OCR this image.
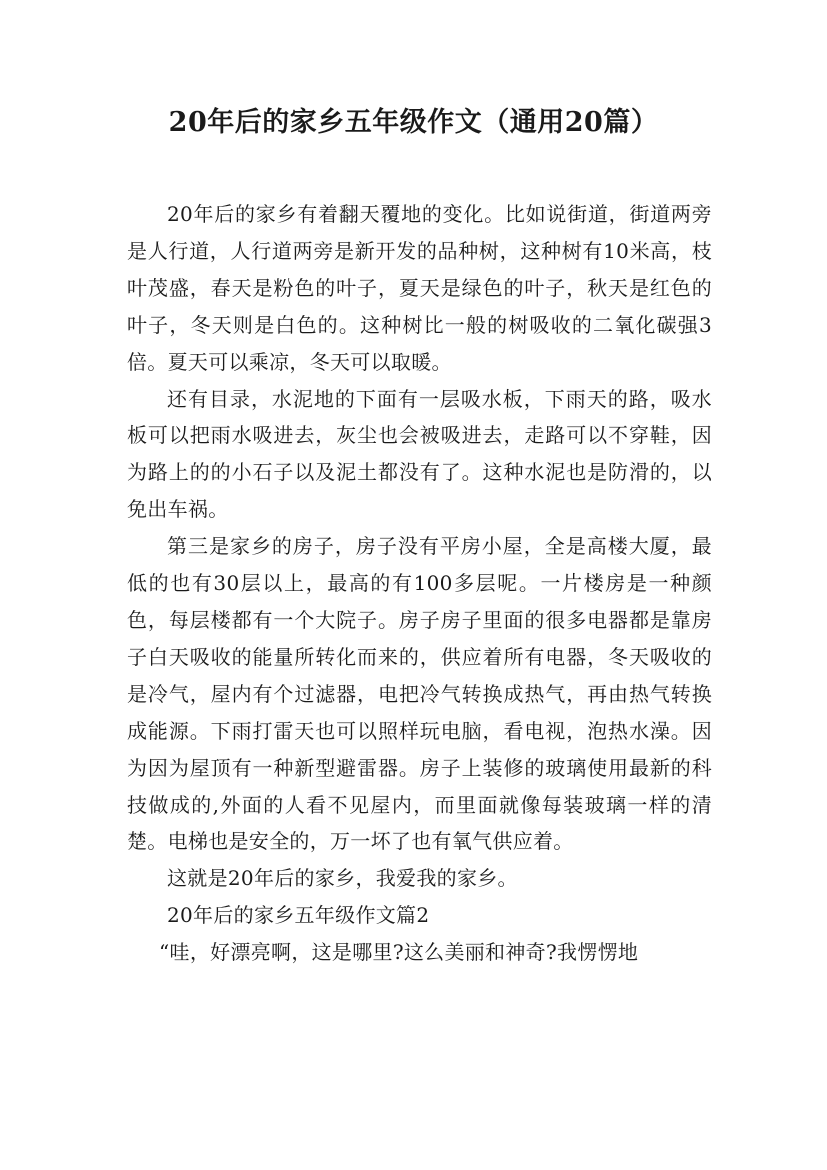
20年后的家乡五年级作文（通用20篇）

20年后的家乡有着翻天覆地的变化。比如说街道，街道两旁是人行道，人行道两旁是新开发的品种树，这种树有10米高，枝叶茂盛，春天是粉色的叶子，夏天是绿色的叶子，秋天是红色的叶子，冬天则是白色的。这种树比一般的树吸收的二氧化碳强3倍。夏天可以乘凉，冬天可以取暖。

还有目录，水泥地的下面有一层吸水板，下雨天的路，吸水板可以把雨水吸进去，灰尘也会被吸进去，走路可以不穿鞋，因为路上的的小石子以及泥土都没有了。这种水泥也是防滑的，以免出车祸。

第三是家乡的房子，房子没有平房小屋，全是高楼大厦，最低的也有30层以上，最高的有100多层呢。一片楼房是一种颜色，每层楼都有一个大院子。房子房子里面的很多电器都是靠房子白天吸收的能量所转化而来的，供应着所有电器，冬天吸收的是冷气，屋内有个过滤器，电把冷气转换成热气，再由热气转换成能源。下雨打雷天也可以照样玩电脑，看电视，泡热水澡。因为因为屋顶有一种新型避雷器。房子上装修的玻璃使用最新的科技做成的,外面的人看不见屋内，而里面就像每装玻璃一样的清楚。电梯也是安全的，万一坏了也有氧气供应着。

这就是20年后的家乡，我爱我的家乡。

20年后的家乡五年级作文篇2

“哇，好漂亮啊，这是哪里?这么美丽和神奇?我愣愣地
